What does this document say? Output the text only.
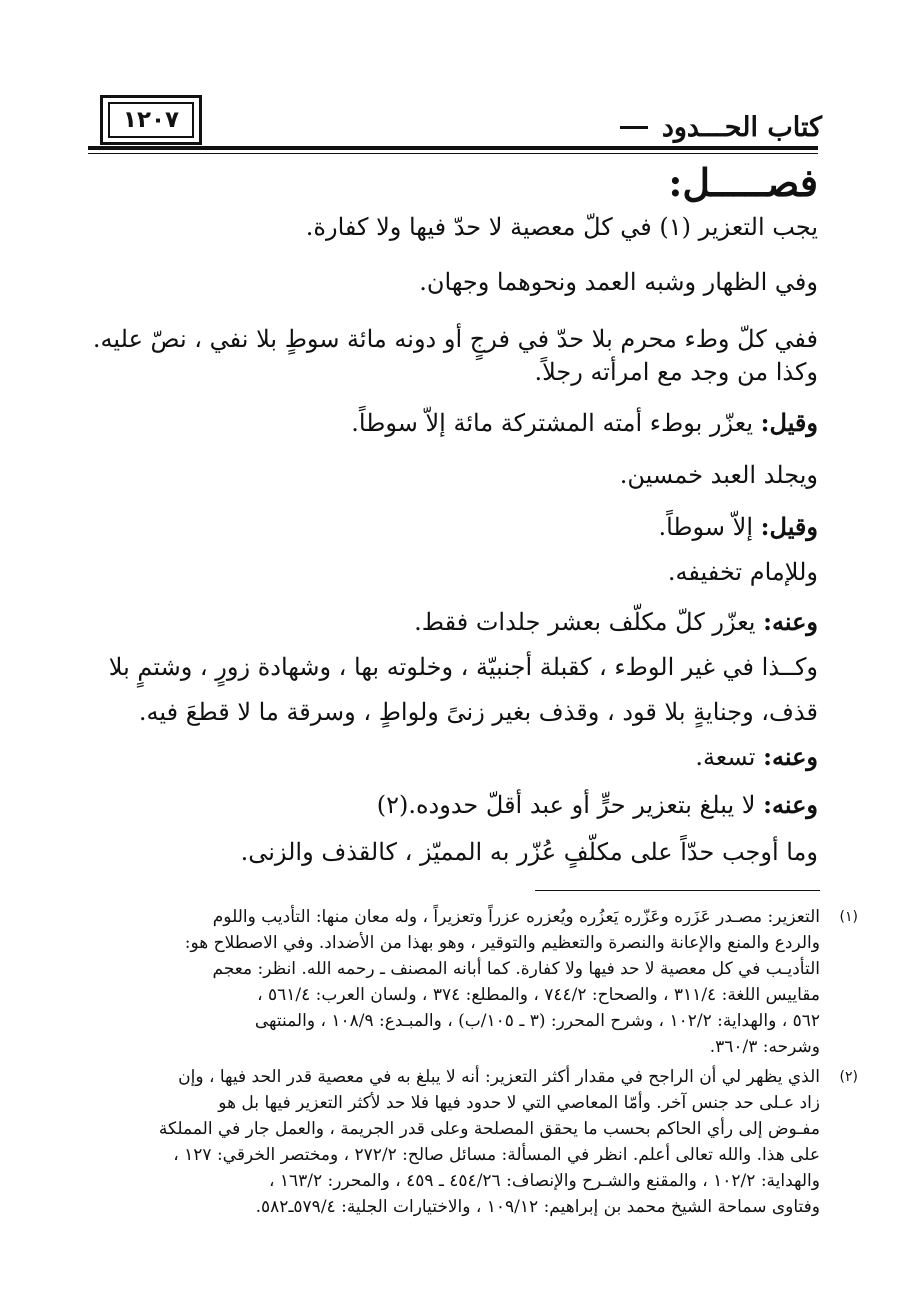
١٢٠٧	كتاب الحـــدود
فصـــــل:
يجب التعزير (١) في كلّ معصية لا حدّ فيها ولا كفارة.
وفي الظهار وشبه العمد ونحوهما وجهان.
ففي كلّ وطء محرم بلا حدّ في فرجٍ أو دونه مائة سوطٍ بلا نفي ، نصّ عليه.
وكذا من وجد مع امرأته رجلاً.
وقيل: يعزّر بوطء أمته المشتركة مائة إلاّ سوطاً.
ويجلد العبد خمسين.
وقيل: إلاّ سوطاً.
وللإمام تخفيفه.
وعنه: يعزّر كلّ مكلّف بعشر جلدات فقط.
وكــذا في غير الوطء ، كقبلة أجنبيّة ، وخلوته بها ، وشهادة زورٍ ، وشتمٍ بلا
قذف، وجنايةٍ بلا قود ، وقذف بغير زنىً ولواطٍ ، وسرقة ما لا قطعَ فيه.
وعنه: تسعة.
وعنه: لا يبلغ بتعزير حرٍّ أو عبد أقلّ حدوده.(٢)
وما أوجب حدّاً على مكلّفٍ عُزّر به المميّز ، كالقذف والزنى.
(١)
التعزير: مصـدر عَزَره وعَزّره يَعزُره ويُعزره عزراً وتعزيراً ، وله معان منها: التأديب واللوم
والردع والمنع والإعانة والنصرة والتعظيم والتوقير ، وهو بهذا من الأضداد. وفي الاصطلاح هو:
التأديـب في كل معصية لا حد فيها ولا كفارة. كما أبانه المصنف ـ رحمه الله. انظر: معجم
مقاييس اللغة: ٣١١/٤ ، والصحاح: ٧٤٤/٢ ، والمطلع: ٣٧٤ ، ولسان العرب: ٥٦١/٤ ،
٥٦٢ ، والهداية: ١٠٢/٢ ، وشرح المحرر: (٣ ـ ١٠٥/ب) ، والمبـدع: ١٠٨/٩ ، والمنتهى
وشرحه: ٣٦٠/٣.
(٢)
الذي يظهر لي أن الراجح في مقدار أكثر التعزير: أنه لا يبلغ به في معصية قدر الحد فيها ، وإن
زاد عـلى حد جنس آخر. وأمّا المعاصي التي لا حدود فيها فلا حد لأكثر التعزير فيها بل هو
مفـوض إلى رأي الحاكم بحسب ما يحقق المصلحة وعلى قدر الجريمة ، والعمل جار في المملكة
على هذا. والله تعالى أعلم. انظر في المسألة: مسائل صالح: ٢٧٢/٢ ، ومختصر الخرقي: ١٢٧ ،
والهداية: ١٠٢/٢ ، والمقنع والشـرح والإنصاف: ٤٥٤/٢٦ ـ ٤٥٩ ، والمحرر: ١٦٣/٢ ،
وفتاوى سماحة الشيخ محمد بن إبراهيم: ١٠٩/١٢ ، والاختيارات الجلية: ٥٧٩/٤ـ٥٨٢.
